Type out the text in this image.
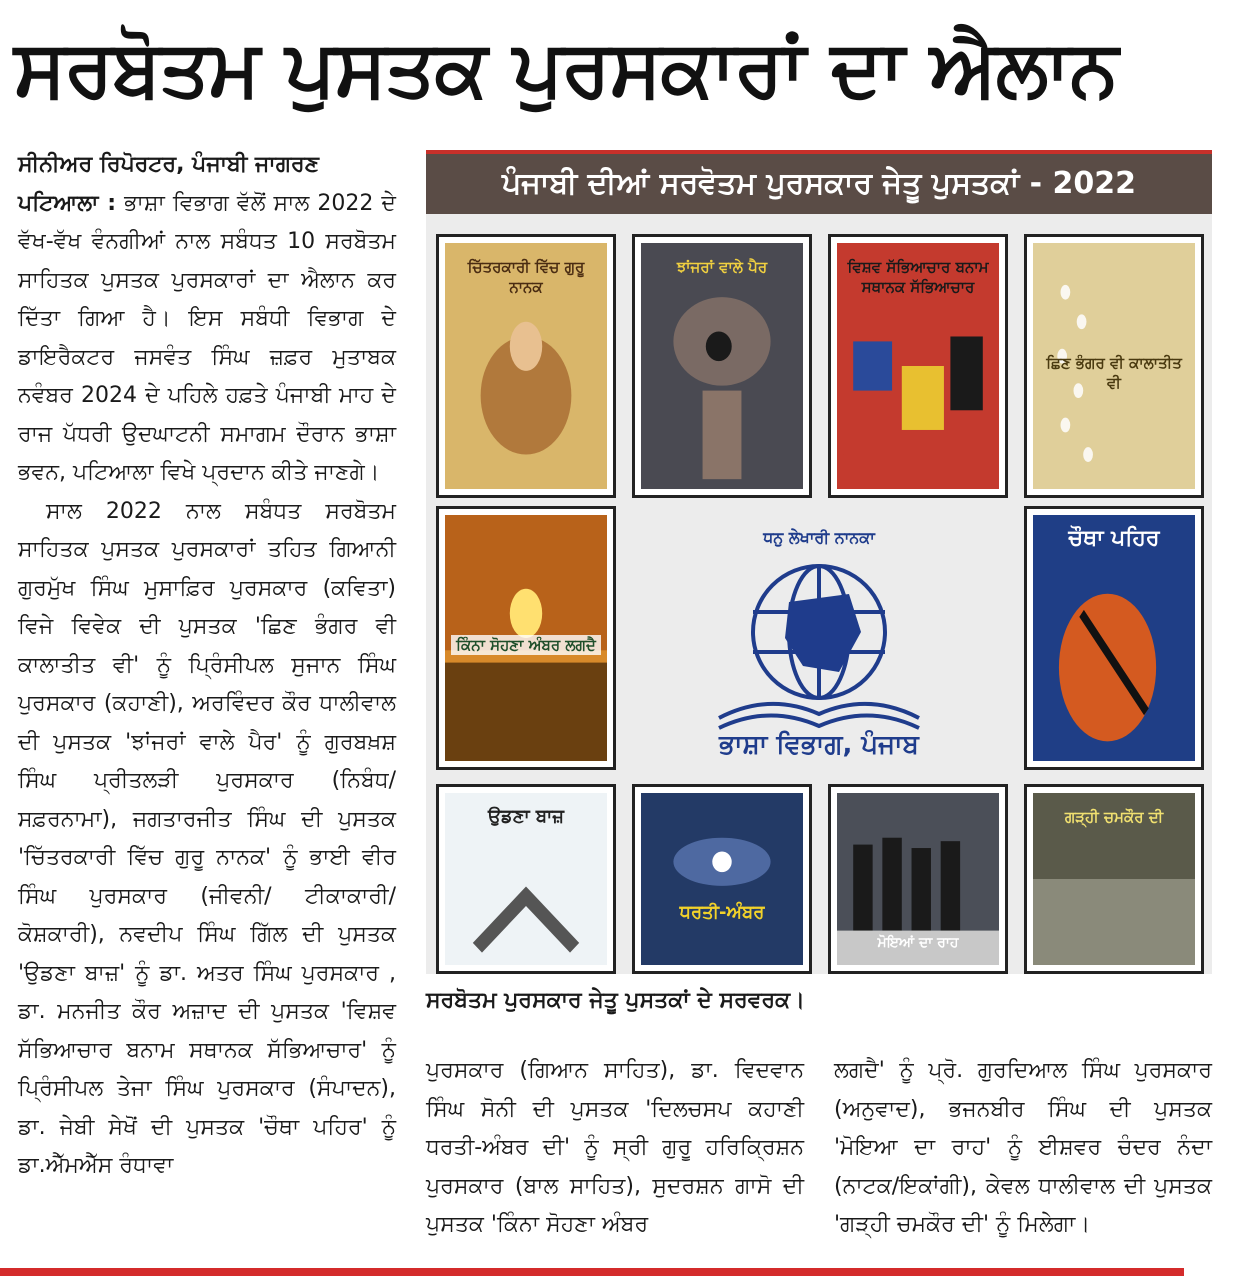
ਸਰਬੋਤਮ ਪੁਸਤਕ ਪੁਰਸਕਾਰਾਂ ਦਾ ਐਲਾਨ

ਸੀਨੀਅਰ ਰਿਪੋਰਟਰ, ਪੰਜਾਬੀ ਜਾਗਰਣ

ਪਟਿਆਲਾ : ਭਾਸ਼ਾ ਵਿਭਾਗ ਵੱਲੋਂ ਸਾਲ 2022 ਦੇ ਵੱਖ-ਵੱਖ ਵੰਨਗੀਆਂ ਨਾਲ ਸਬੰਧਤ 10 ਸਰਬੋਤਮ ਸਾਹਿਤਕ ਪੁਸਤਕ ਪੁਰਸਕਾਰਾਂ ਦਾ ਐਲਾਨ ਕਰ ਦਿੱਤਾ ਗਿਆ ਹੈ। ਇਸ ਸਬੰਧੀ ਵਿਭਾਗ ਦੇ ਡਾਇਰੈਕਟਰ ਜਸਵੰਤ ਸਿੰਘ ਜ਼ਫ਼ਰ ਮੁਤਾਬਕ ਨਵੰਬਰ 2024 ਦੇ ਪਹਿਲੇ ਹਫ਼ਤੇ ਪੰਜਾਬੀ ਮਾਹ ਦੇ ਰਾਜ ਪੱਧਰੀ ਉਦਘਾਟਨੀ ਸਮਾਗਮ ਦੌਰਾਨ ਭਾਸ਼ਾ ਭਵਨ, ਪਟਿਆਲਾ ਵਿਖੇ ਪ੍ਰਦਾਨ ਕੀਤੇ ਜਾਣਗੇ।

ਸਾਲ 2022 ਨਾਲ ਸਬੰਧਤ ਸਰਬੋਤਮ ਸਾਹਿਤਕ ਪੁਸਤਕ ਪੁਰਸਕਾਰਾਂ ਤਹਿਤ ਗਿਆਨੀ ਗੁਰਮੁੱਖ ਸਿੰਘ ਮੁਸਾਫ਼ਿਰ ਪੁਰਸਕਾਰ (ਕਵਿਤਾ) ਵਿਜੇ ਵਿਵੇਕ ਦੀ ਪੁਸਤਕ 'ਛਿਣ ਭੰਗਰ ਵੀ ਕਾਲਾਤੀਤ ਵੀ' ਨੂੰ ਪ੍ਰਿੰਸੀਪਲ ਸੁਜਾਨ ਸਿੰਘ ਪੁਰਸਕਾਰ (ਕਹਾਣੀ), ਅਰਵਿੰਦਰ ਕੌਰ ਧਾਲੀਵਾਲ ਦੀ ਪੁਸਤਕ 'ਝਾਂਜਰਾਂ ਵਾਲੇ ਪੈਰ' ਨੂੰ ਗੁਰਬਖ਼ਸ਼ ਸਿੰਘ ਪ੍ਰੀਤਲੜੀ ਪੁਰਸਕਾਰ (ਨਿਬੰਧ/ਸਫ਼ਰਨਾਮਾ), ਜਗਤਾਰਜੀਤ ਸਿੰਘ ਦੀ ਪੁਸਤਕ 'ਚਿੱਤਰਕਾਰੀ ਵਿੱਚ ਗੁਰੂ ਨਾਨਕ' ਨੂੰ ਭਾਈ ਵੀਰ ਸਿੰਘ ਪੁਰਸਕਾਰ (ਜੀਵਨੀ/ ਟੀਕਾਕਾਰੀ/ਕੋਸ਼ਕਾਰੀ), ਨਵਦੀਪ ਸਿੰਘ ਗਿੱਲ ਦੀ ਪੁਸਤਕ 'ਉਡਣਾ ਬਾਜ਼' ਨੂੰ ਡਾ. ਅਤਰ ਸਿੰਘ ਪੁਰਸਕਾਰ , ਡਾ. ਮਨਜੀਤ ਕੌਰ ਅਜ਼ਾਦ ਦੀ ਪੁਸਤਕ 'ਵਿਸ਼ਵ ਸੱਭਿਆਚਾਰ ਬਨਾਮ ਸਥਾਨਕ ਸੱਭਿਆਚਾਰ' ਨੂੰ ਪ੍ਰਿੰਸੀਪਲ ਤੇਜਾ ਸਿੰਘ ਪੁਰਸਕਾਰ (ਸੰਪਾਦਨ), ਡਾ. ਜੇਬੀ ਸੇਖੋਂ ਦੀ ਪੁਸਤਕ 'ਚੌਥਾ ਪਹਿਰ' ਨੂੰ ਡਾ.ਐੱਮਐੱਸ ਰੰਧਾਵਾ

ਪੰਜਾਬੀ ਦੀਆਂ ਸਰਵੋਤਮ ਪੁਰਸਕਾਰ ਜੇਤੂ ਪੁਸਤਕਾਂ - 2022
ਚਿੱਤਰਕਾਰੀ ਵਿੱਚ ਗੁਰੂ ਨਾਨਕ
ਝਾਂਜਰਾਂ ਵਾਲੇ ਪੈਰ	ਵਿਸ਼ਵ ਸੱਭਿਆਚਾਰ ਬਨਾਮ ਸਥਾਨਕ ਸੱਭਿਆਚਾਰ
ਛਿਣ ਭੰਗਰ ਵੀ ਕਾਲਾਤੀਤ ਵੀ
ਕਿੰਨਾ ਸੋਹਣਾ ਅੰਬਰ ਲਗਦੈ
ਧਨੁ ਲੇਖਾਰੀ ਨਾਨਕਾ
ਭਾਸ਼ਾ ਵਿਭਾਗ, ਪੰਜਾਬ
ਚੌਥਾ ਪਹਿਰ
ਉਡਣਾ ਬਾਜ਼
ਧਰਤੀ-ਅੰਬਰ
ਮੋਇਆਂ ਦਾ ਰਾਹ
ਗੜ੍ਹੀ ਚਮਕੌਰ ਦੀ
ਸਰਬੋਤਮ ਪੁਰਸਕਾਰ ਜੇਤੂ ਪੁਸਤਕਾਂ ਦੇ ਸਰਵਰਕ।

ਪੁਰਸਕਾਰ (ਗਿਆਨ ਸਾਹਿਤ), ਡਾ. ਵਿਦਵਾਨ ਸਿੰਘ ਸੋਨੀ ਦੀ ਪੁਸਤਕ 'ਦਿਲਚਸਪ ਕਹਾਣੀ ਧਰਤੀ-ਅੰਬਰ ਦੀ' ਨੂੰ ਸ੍ਰੀ ਗੁਰੂ ਹਰਿਕ੍ਰਿਸ਼ਨ ਪੁਰਸਕਾਰ (ਬਾਲ ਸਾਹਿਤ), ਸੁਦਰਸ਼ਨ ਗਾਸੋ ਦੀ ਪੁਸਤਕ 'ਕਿੰਨਾ ਸੋਹਣਾ ਅੰਬਰ

ਲਗਦੈ' ਨੂੰ ਪ੍ਰੋ. ਗੁਰਦਿਆਲ ਸਿੰਘ ਪੁਰਸਕਾਰ (ਅਨੁਵਾਦ), ਭਜਨਬੀਰ ਸਿੰਘ ਦੀ ਪੁਸਤਕ 'ਮੋਇਆ ਦਾ ਰਾਹ' ਨੂੰ ਈਸ਼ਵਰ ਚੰਦਰ ਨੰਦਾ (ਨਾਟਕ/ਇਕਾਂਗੀ), ਕੇਵਲ ਧਾਲੀਵਾਲ ਦੀ ਪੁਸਤਕ 'ਗੜ੍ਹੀ ਚਮਕੌਰ ਦੀ' ਨੂੰ ਮਿਲੇਗਾ।
